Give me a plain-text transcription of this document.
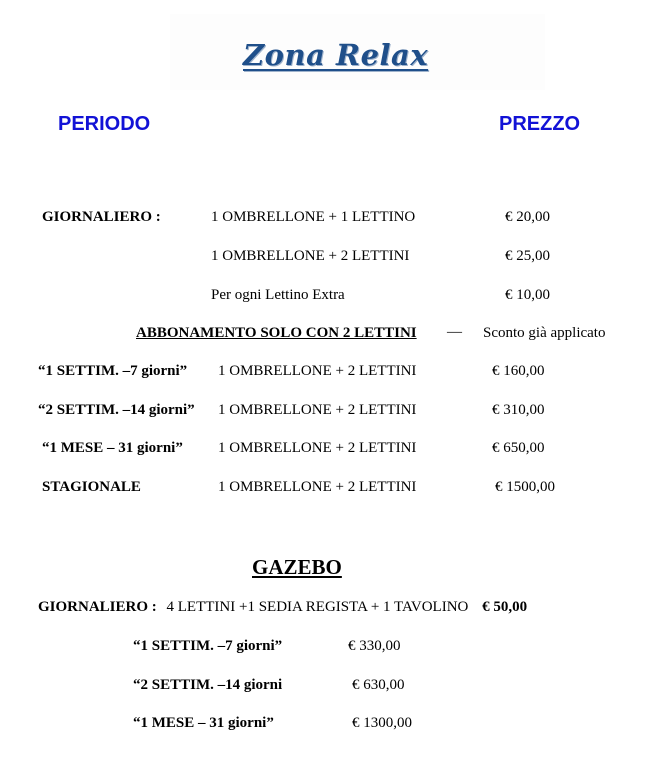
Zona Relax
PERIODO	PREZZO
GIORNALIERO :	1 OMBRELLONE + 1 LETTINO	€ 20,00
1 OMBRELLONE + 2 LETTINI	€ 25,00
Per ogni Lettino Extra	€ 10,00
ABBONAMENTO SOLO CON 2 LETTINI — Sconto già applicato
“1 SETTIM. –7 giorni” 1 OMBRELLONE + 2 LETTINI	€ 160,00
“2 SETTIM. –14 giorni” 1 OMBRELLONE + 2 LETTINI	€ 310,00
“1 MESE – 31 giorni” 1 OMBRELLONE + 2 LETTINI	€ 650,00
STAGIONALE	1 OMBRELLONE + 2 LETTINI	€ 1500,00
GAZEBO
GIORNALIERO : 4 LETTINI +1 SEDIA REGISTA + 1 TAVOLINO € 50,00
“1 SETTIM. –7 giorni”	€ 330,00
“2 SETTIM. –14 giorni	€ 630,00
“1 MESE – 31 giorni”	€ 1300,00
